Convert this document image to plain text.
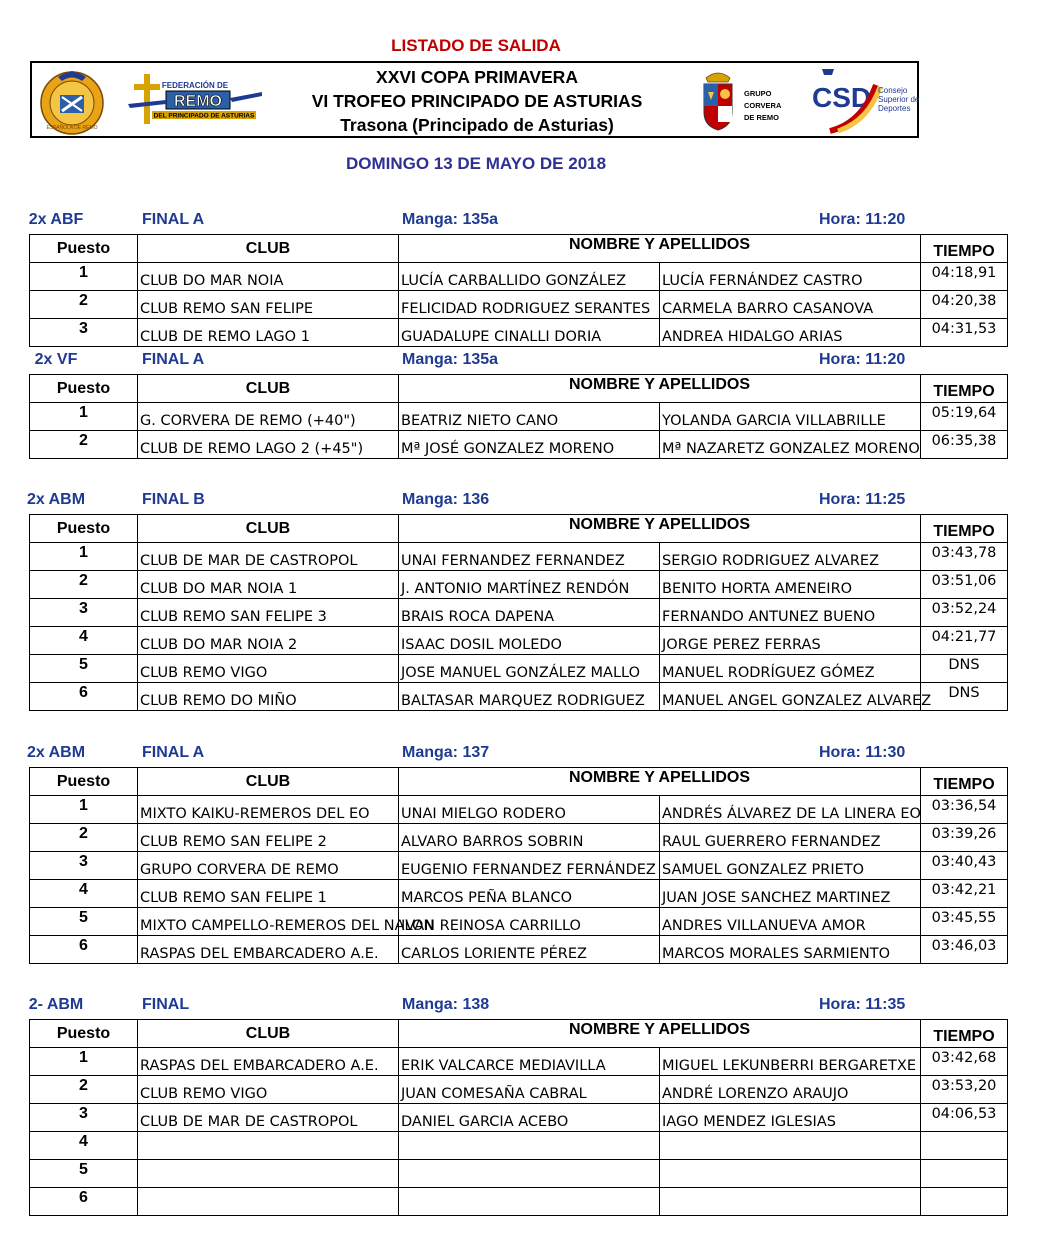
LISTADO DE SALIDA
ESPAÑOLA DE REMO
FEDERACIÓN DE
REMO
DEL PRINCIPADO DE ASTURIAS
XXVI COPA PRIMAVERA
VI TROFEO PRINCIPADO DE ASTURIAS
Trasona (Principado de Asturias)
GRUPO
CORVERA
DE REMO
CSD Consejo
Superior de
Deportes
DOMINGO 13 DE MAYO DE 2018
2x ABF	FINAL A	Manga: 135a	Hora: 11:20
Puesto	CLUB	NOMBRE Y APELLIDOS		TIEMPO
1	CLUB DO MAR NOIA	LUCÍA CARBALLIDO GONZÁLEZ	LUCÍA FERNÁNDEZ CASTRO	04:18,91
2	CLUB REMO SAN FELIPE	FELICIDAD RODRIGUEZ SERANTES	CARMELA BARRO CASANOVA	04:20,38
3	CLUB DE REMO LAGO 1	GUADALUPE CINALLI DORIA	ANDREA HIDALGO ARIAS	04:31,53
2x VF	FINAL A	Manga: 135a	Hora: 11:20
Puesto	CLUB	NOMBRE Y APELLIDOS		TIEMPO
1	G. CORVERA DE REMO (+40")	BEATRIZ NIETO CANO	YOLANDA GARCIA VILLABRILLE	05:19,64
2	CLUB DE REMO LAGO 2 (+45")	Mª JOSÉ GONZALEZ MORENO	Mª NAZARETZ GONZALEZ MORENO	06:35,38
2x ABM	FINAL B	Manga: 136	Hora: 11:25
Puesto	CLUB	NOMBRE Y APELLIDOS		TIEMPO
1	CLUB DE MAR DE CASTROPOL	UNAI FERNANDEZ FERNANDEZ	SERGIO RODRIGUEZ ALVAREZ	03:43,78
2	CLUB DO MAR NOIA 1	J. ANTONIO MARTÍNEZ RENDÓN	BENITO HORTA AMENEIRO	03:51,06
3	CLUB REMO SAN FELIPE 3	BRAIS ROCA DAPENA	FERNANDO ANTUNEZ BUENO	03:52,24
4	CLUB DO MAR NOIA 2	ISAAC DOSIL MOLEDO	JORGE PEREZ FERRAS	04:21,77
5	CLUB REMO VIGO	JOSE MANUEL GONZÁLEZ MALLO	MANUEL RODRÍGUEZ GÓMEZ	DNS
6	CLUB REMO DO MIÑO	BALTASAR MARQUEZ RODRIGUEZ	MANUEL ANGEL GONZALEZ ALVAREZ	DNS
2x ABM	FINAL A	Manga: 137	Hora: 11:30
Puesto	CLUB	NOMBRE Y APELLIDOS		TIEMPO
1	MIXTO KAIKU-REMEROS DEL EO	UNAI MIELGO RODERO	ANDRÉS ÁLVAREZ DE LA LINERA EO	03:36,54
2	CLUB REMO SAN FELIPE 2	ALVARO BARROS SOBRIN	RAUL GUERRERO FERNANDEZ	03:39,26
3	GRUPO CORVERA DE REMO	EUGENIO FERNANDEZ FERNÁNDEZ	SAMUEL GONZALEZ PRIETO	03:40,43
4	CLUB REMO SAN FELIPE 1	MARCOS PEÑA BLANCO	JUAN JOSE SANCHEZ MARTINEZ	03:42,21
5	MIXTO CAMPELLO-REMEROS DEL NALON	IVAN REINOSA CARRILLO	ANDRES VILLANUEVA AMOR	03:45,55
6	RASPAS DEL EMBARCADERO A.E.	CARLOS LORIENTE PÉREZ	MARCOS MORALES SARMIENTO	03:46,03
2- ABM	FINAL	Manga: 138	Hora: 11:35
Puesto	CLUB	NOMBRE Y APELLIDOS		TIEMPO
1	RASPAS DEL EMBARCADERO A.E.	ERIK VALCARCE MEDIAVILLA	MIGUEL LEKUNBERRI BERGARETXE	03:42,68
2	CLUB REMO VIGO	JUAN COMESAÑA CABRAL	ANDRÉ LORENZO ARAUJO	03:53,20
3	CLUB DE MAR DE CASTROPOL	DANIEL GARCIA ACEBO	IAGO MENDEZ IGLESIAS	04:06,53
4				
5				
6				
